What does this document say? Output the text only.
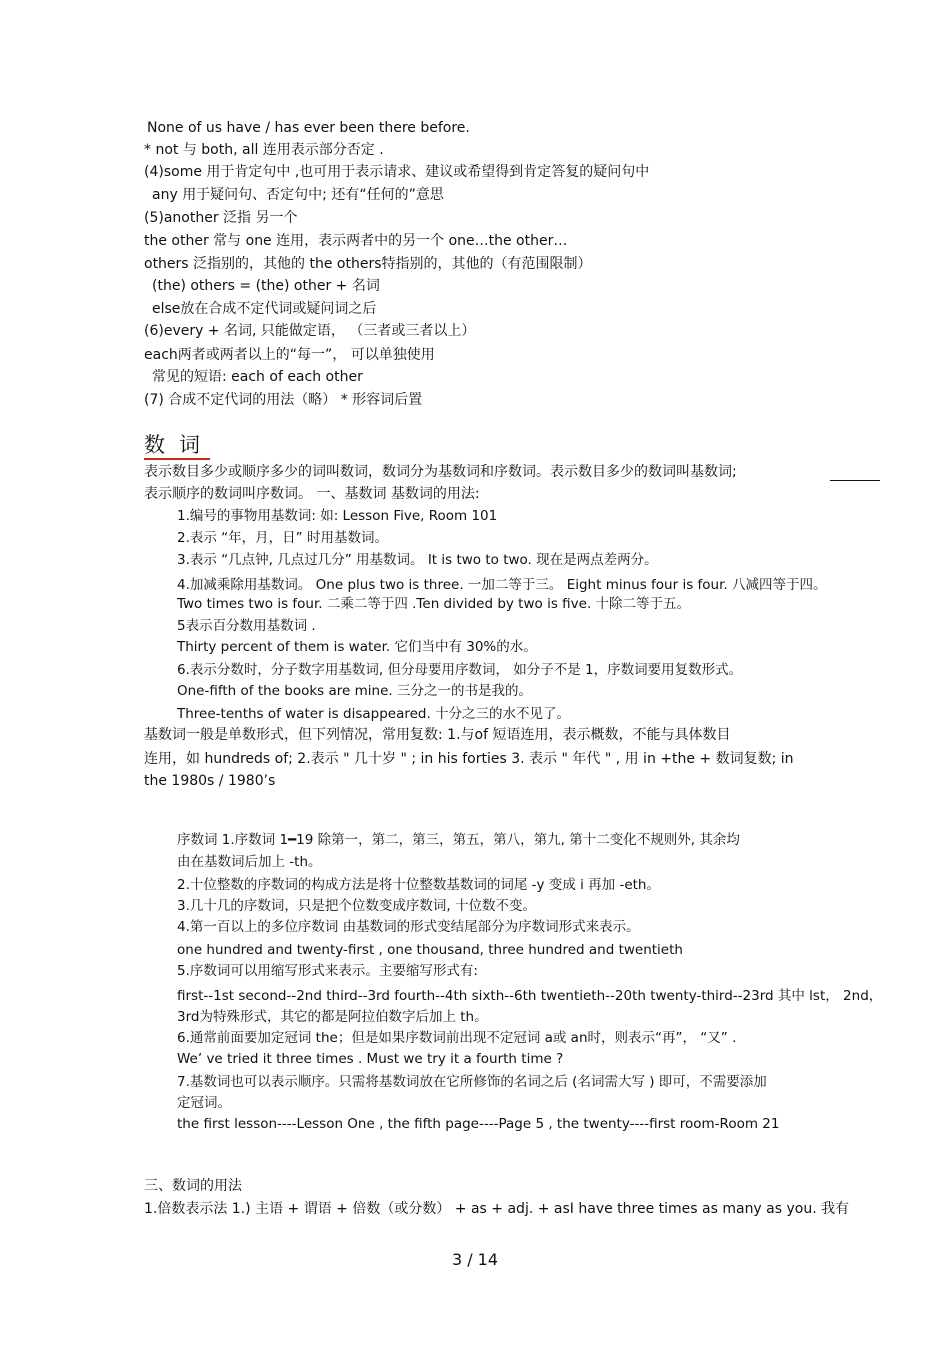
None of us have / has ever been there before.
* not 与 both, all 连用表示部分否定 .
(4)some 用于肯定句中 ,也可用于表示请求、建议或希望得到肯定答复的疑问句中
any 用于疑问句、否定句中; 还有“任何的”意思
(5)another 泛指 另一个
the other 常与 one 连用，表示两者中的另一个 one…the other…
others 泛指别的，其他的 the others特指别的，其他的（有范围限制）
(the) others = (the) other + 名词
else放在合成不定代词或疑问词之后
(6)every + 名词, 只能做定语， （三者或三者以上）
each两者或两者以上的“每一”， 可以单独使用
常见的短语: each of each other
(7) 合成不定代词的用法（略） * 形容词后置
数词
表示数目多少或顺序多少的词叫数词，数词分为基数词和序数词。表示数目多少的数词叫基数词;
表示顺序的数词叫序数词。 一、基数词 基数词的用法:
1.编号的事物用基数词: 如: Lesson Five, Room 101
2.表示 “年，月，日” 时用基数词。
3.表示 “几点钟, 几点过几分” 用基数词。 It is two to two. 现在是两点差两分。
4.加减乘除用基数词。 One plus two is three. 一加二等于三。 Eight minus four is four. 八减四等于四。
Two times two is four. 二乘二等于四 .Ten divided by two is five. 十除二等于五。
5表示百分数用基数词 .
Thirty percent of them is water. 它们当中有 30%的水。
6.表示分数时，分子数字用基数词, 但分母要用序数词， 如分子不是 1，序数词要用复数形式。
One-fifth of the books are mine. 三分之一的书是我的。
Three-tenths of water is disappeared. 十分之三的水不见了。
基数词一般是单数形式，但下列情况，常用复数: 1.与of 短语连用，表示概数，不能与具体数目
连用，如 hundreds of; 2.表示 " 几十岁 " ; in his forties 3. 表示 " 年代 " , 用 in +the + 数词复数; in
the 1980s / 1980’s
序数词 1.序数词 1━19 除第一，第二，第三，第五，第八，第九, 第十二变化不规则外, 其余均
由在基数词后加上 -th。
2.十位整数的序数词的构成方法是将十位整数基数词的词尾 -y 变成 i 再加 -eth。
3.几十几的序数词，只是把个位数变成序数词, 十位数不变。
4.第一百以上的多位序数词 由基数词的形式变结尾部分为序数词形式来表示。
one hundred and twenty-first , one thousand, three hundred and twentieth
5.序数词可以用缩写形式来表示。主要缩写形式有:
first--1st second--2nd third--3rd fourth--4th sixth--6th twentieth--20th twenty-third--23rd 其中 lst， 2nd，
3rd为特殊形式，其它的都是阿拉伯数字后加上 th。
6.通常前面要加定冠词 the；但是如果序数词前出现不定冠词 a或 an时，则表示“再”， “又” .
We’ ve tried it three times . Must we try it a fourth time ?
7.基数词也可以表示顺序。只需将基数词放在它所修饰的名词之后 (名词需大写 ) 即可，不需要添加
定冠词。
the first lesson----Lesson One , the fifth page----Page 5 , the twenty----first room-Room 21
三、数词的用法
1.倍数表示法 1.) 主语 + 谓语 + 倍数（或分数） + as + adj. + asI have three times as many as you. 我有
3 / 14
